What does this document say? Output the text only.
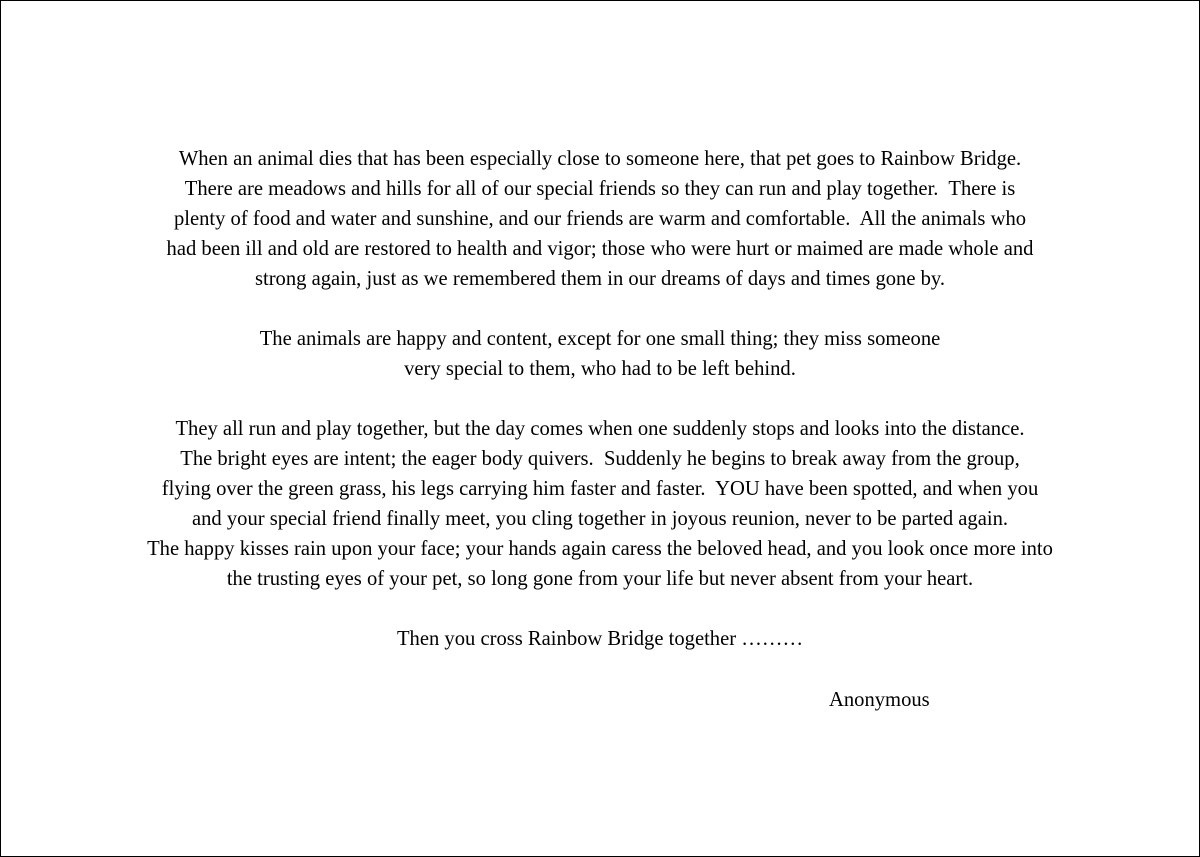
When an animal dies that has been especially close to someone here, that pet goes to Rainbow Bridge.
There are meadows and hills for all of our special friends so they can run and play together.  There is
plenty of food and water and sunshine, and our friends are warm and comfortable.  All the animals who
had been ill and old are restored to health and vigor; those who were hurt or maimed are made whole and
strong again, just as we remembered them in our dreams of days and times gone by.
The animals are happy and content, except for one small thing; they miss someone
very special to them, who had to be left behind.
They all run and play together, but the day comes when one suddenly stops and looks into the distance.
The bright eyes are intent; the eager body quivers.  Suddenly he begins to break away from the group,
flying over the green grass, his legs carrying him faster and faster.  YOU have been spotted, and when you
and your special friend finally meet, you cling together in joyous reunion, never to be parted again.
The happy kisses rain upon your face; your hands again caress the beloved head, and you look once more into
the trusting eyes of your pet, so long gone from your life but never absent from your heart.
Then you cross Rainbow Bridge together ………
Anonymous
